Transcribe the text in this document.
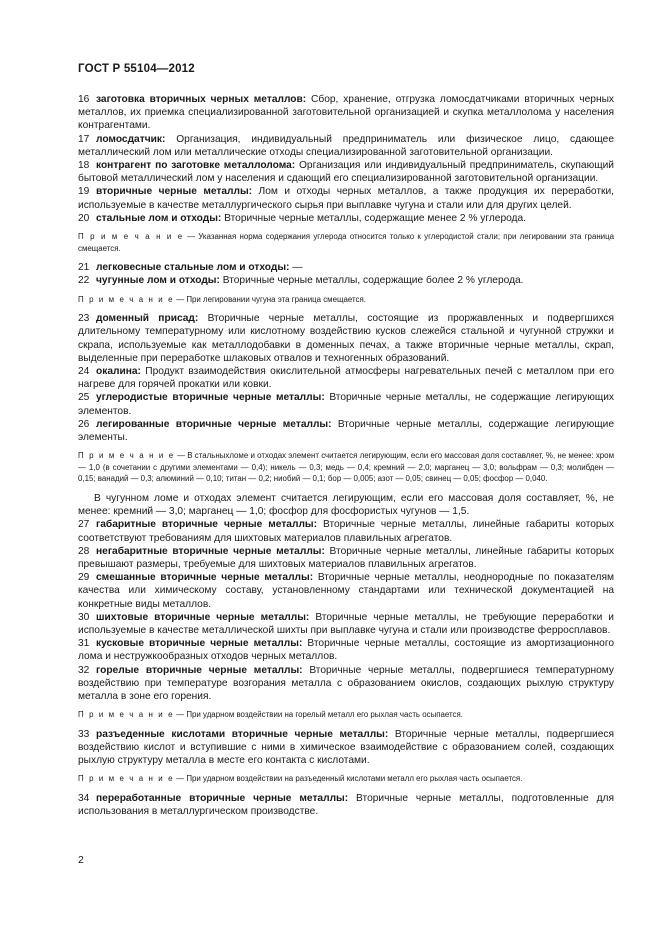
ГОСТ Р 55104—2012

16 заготовка вторичных черных металлов: Сбор, хранение, отгрузка ломосдатчиками вторичных черных металлов, их приемка специализированной заготовительной организацией и скупка металлолома у населения контрагентами.

17 ломосдатчик: Организация, индивидуальный предприниматель или физическое лицо, сдающее металлический лом или металлические отходы специализированной заготовительной организации.

18 контрагент по заготовке металлолома: Организация или индивидуальный предприниматель, скупающий бытовой металлический лом у населения и сдающий его специализированной заготовительной организации.

19 вторичные черные металлы: Лом и отходы черных металлов, а также продукция их переработки, используемые в качестве металлургического сырья при выплавке чугуна и стали или для других целей.

20 стальные лом и отходы: Вторичные черные металлы, содержащие менее 2 % углерода.

П р и м е ч а н и е — Указанная норма содержания углерода относится только к углеродистой стали; при легировании эта граница смещается.

21 легковесные стальные лом и отходы: —

22 чугунные лом и отходы: Вторичные черные металлы, содержащие более 2 % углерода.

П р и м е ч а н и е — При легировании чугуна эта граница смещается.

23 доменный присад: Вторичные черные металлы, состоящие из проржавленных и подвергшихся длительному температурному или кислотному воздействию кусков слежейся стальной и чугунной стружки и скрапа, используемые как металлодобавки в доменных печах, а также вторичные черные металлы, скрап, выделенные при переработке шлаковых отвалов и техногенных образований.

24 окалина: Продукт взаимодействия окислительной атмосферы нагревательных печей с металлом при его нагреве для горячей прокатки или ковки.

25 углеродистые вторичные черные металлы: Вторичные черные металлы, не содержащие легирующих элементов.

26 легированные вторичные черные металлы: Вторичные черные металлы, содержащие легирующие элементы.

П р и м е ч а н и е — В стальныхломе и отходах элемент считается легирующим, если его массовая доля составляет, %, не менее: хром — 1,0 (в сочетании с другими элементами — 0,4); никель — 0,3; медь — 0,4; кремний — 2,0; марганец — 3,0; вольфрам — 0,3; молибден — 0,15; ванадий — 0,3; алюминий — 0,10; титан — 0,2; ниобий — 0,1; бор — 0,005; азот — 0,05; свинец — 0,05; фосфор — 0,040.

В чугунном ломе и отходах элемент считается легирующим, если его массовая доля составляет, %, не менее: кремний — 3,0; марганец — 1,0; фосфор для фосфористых чугунов — 1,5.

27 габаритные вторичные черные металлы: Вторичные черные металлы, линейные габариты которых соответствуют требованиям для шихтовых материалов плавильных агрегатов.

28 негабаритные вторичные черные металлы: Вторичные черные металлы, линейные габариты которых превышают размеры, требуемые для шихтовых материалов плавильных агрегатов.

29 смешанные вторичные черные металлы: Вторичные черные металлы, неоднородные по показателям качества или химическому составу, установленному стандартами или технической документацией на конкретные виды металлов.

30 шихтовые вторичные черные металлы: Вторичные черные металлы, не требующие переработки и используемые в качестве металлической шихты при выплавке чугуна и стали или производстве ферросплавов.

31 кусковые вторичные черные металлы: Вторичные черные металлы, состоящие из амортизационного лома и нестружкообразных отходов черных металлов.

32 горелые вторичные черные металлы: Вторичные черные металлы, подвергшиеся температурному воздействию при температуре возгорания металла с образованием окислов, создающих рыхлую структуру металла в зоне его горения.

П р и м е ч а н и е — При ударном воздействии на горелый металл его рыхлая часть осыпается.

33 разъеденные кислотами вторичные черные металлы: Вторичные черные металлы, подвергшиеся воздействию кислот и вступившие с ними в химическое взаимодействие с образованием солей, создающих рыхлую структуру металла в месте его контакта с кислотами.

П р и м е ч а н и е — При ударном воздействии на разъеденный кислотами металл его рыхлая часть осыпается.

34 переработанные вторичные черные металлы: Вторичные черные металлы, подготовленные для использования в металлургическом производстве.

2
